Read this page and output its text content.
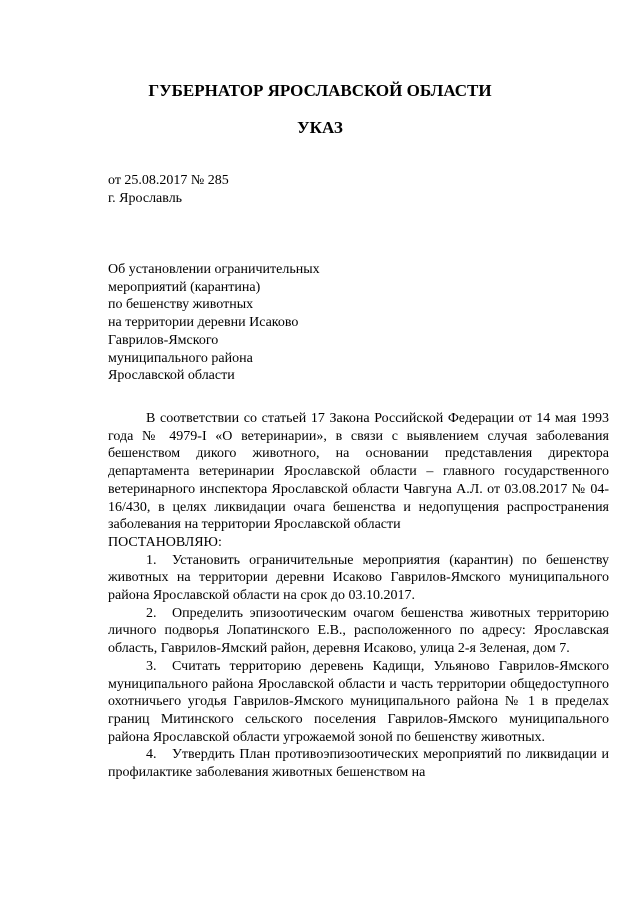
ГУБЕРНАТОР ЯРОСЛАВСКОЙ ОБЛАСТИ
УКАЗ
от 25.08.2017 № 285
г. Ярославль
Об установлении ограничительных
мероприятий (карантина)
по бешенству животных
на территории деревни Исаково
Гаврилов-Ямского
муниципального района
Ярославской области

В соответствии со статьей 17 Закона Российской Федерации от 14 мая 1993 года № 4979-I «О ветеринарии», в связи с выявлением случая заболевания бешенством дикого животного, на основании представления директора департамента ветеринарии Ярославской области – главного государственного ветеринарного инспектора Ярославской области Чавгуна А.Л. от 03.08.2017 № 04-16/430, в целях ликвидации очага бешенства и недопущения распространения заболевания на территории Ярославской области

ПОСТАНОВЛЯЮ:

1. Установить ограничительные мероприятия (карантин) по бешенству животных на территории деревни Исаково Гаврилов-Ямского муниципального района Ярославской области на срок до 03.10.2017.

2. Определить эпизоотическим очагом бешенства животных территорию личного подворья Лопатинского Е.В., расположенного по адресу: Ярославская область, Гаврилов-Ямский район, деревня Исаково, улица 2-я Зеленая, дом 7.

3. Считать территорию деревень Кадищи, Ульяново Гаврилов-Ямского муниципального района Ярославской области и часть территории общедоступного охотничьего угодья Гаврилов-Ямского муниципального района № 1 в пределах границ Митинского сельского поселения Гаврилов-Ямского муниципального района Ярославской области угрожаемой зоной по бешенству животных.

4. Утвердить План противоэпизоотических мероприятий по ликвидации и профилактике заболевания животных бешенством на
